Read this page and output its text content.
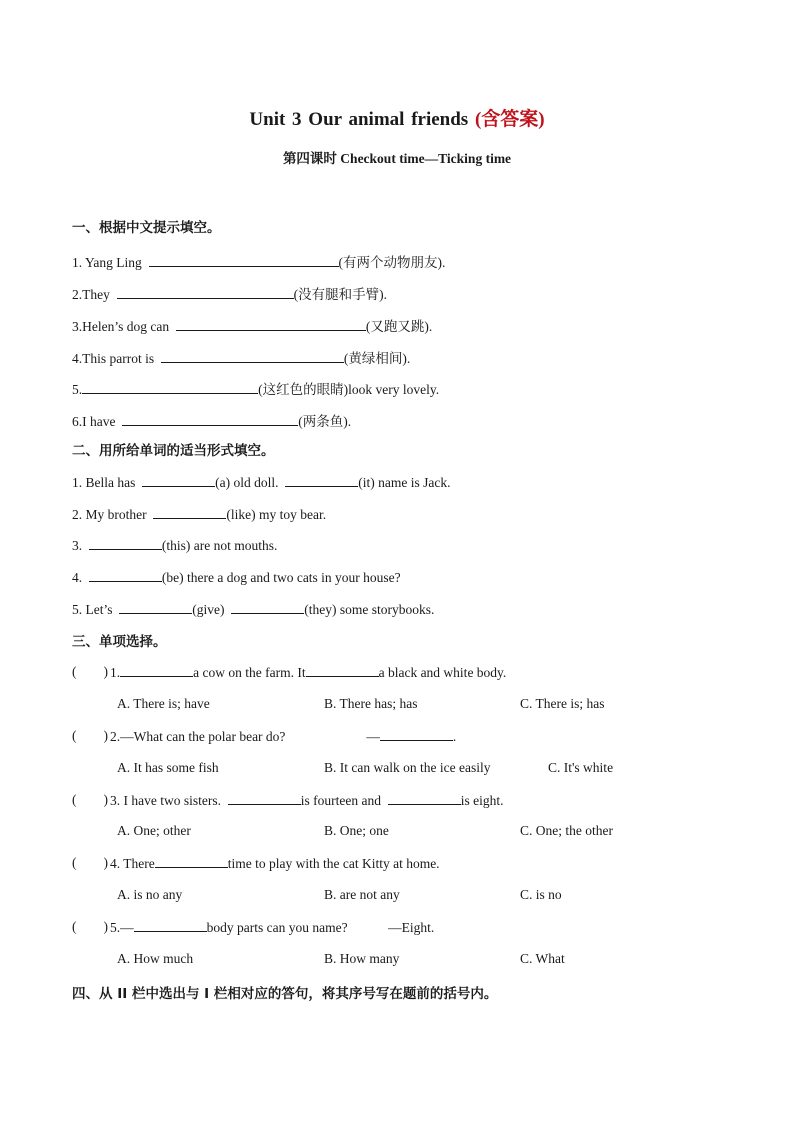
Unit 3 Our animal friends (含答案)
第四课时 Checkout time—Ticking time
一、根据中文提示填空。
1. Yang Ling	(有两个动物朋友).
2.They	(没有腿和手臂).
3.Helen’s dog can	(又跑又跳).
4.This parrot is	(黄绿相间).
5.	(这红色的眼睛)look very lovely.
6.I have	(两条鱼).
二、用所给单词的适当形式填空。
1. Bella has	(a) old doll.	(it) name is Jack.
2. My brother	(like) my toy bear.
3.	(this) are not mouths.
4.	(be) there a dog and two cats in your house?
5. Let’s	(give)	(they) some storybooks.
三、单项选择。
(        ) 1.	a cow on the farm. It	a black and white body.
A. There is; have	B. There has; has	C. There is; has
(        ) 2.—What can the polar bear do?                        —	.
A. It has some fish	B. It can walk on the ice easily	C. It's white
(        ) 3. I have two sisters.	is fourteen and	is eight.
A. One; other	B. One; one	C. One; the other
(        ) 4. There	time to play with the cat Kitty at home.
A. is no any	B. are not any	C. is no
(        ) 5.—	body parts can you name?            —Eight.
A. How much	B. How many	C. What
四、从 II 栏中选出与 I 栏相对应的答句，将其序号写在题前的括号内。
